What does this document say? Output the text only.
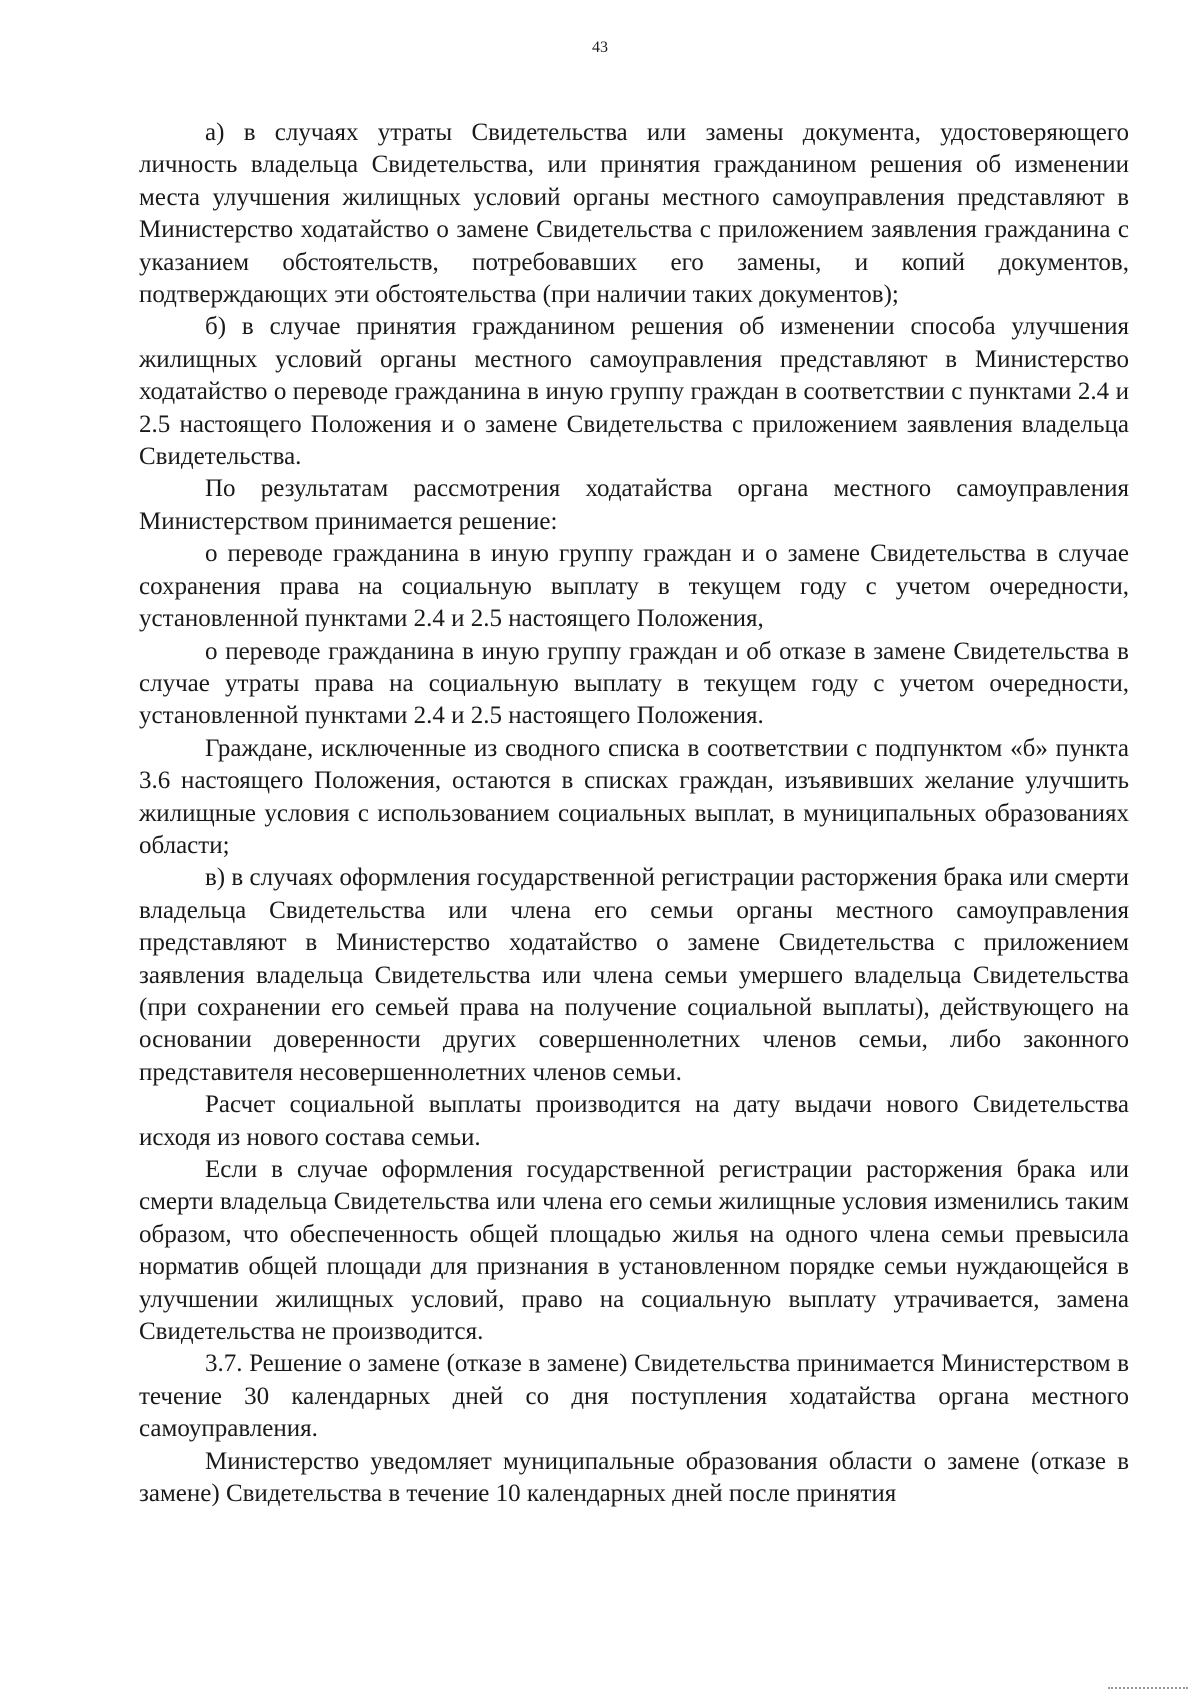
43

а) в случаях утраты Свидетельства или замены документа, удостоверяющего личность владельца Свидетельства, или принятия гражданином решения об изменении места улучшения жилищных условий органы местного самоуправления представляют в Министерство ходатайство о замене Свидетельства с приложением заявления гражданина с указанием обстоятельств, потребовавших его замены, и копий документов, подтверждающих эти обстоятельства (при наличии таких документов);

б) в случае принятия гражданином решения об изменении способа улучшения жилищных условий органы местного самоуправления представляют в Министерство ходатайство о переводе гражданина в иную группу граждан в соответствии с пунктами 2.4 и 2.5 настоящего Положения и о замене Свидетельства с приложением заявления владельца Свидетельства.

По результатам рассмотрения ходатайства органа местного самоуправления Министерством принимается решение:

о переводе гражданина в иную группу граждан и о замене Свидетельства в случае сохранения права на социальную выплату в текущем году с учетом очередности, установленной пунктами 2.4 и 2.5 настоящего Положения,

о переводе гражданина в иную группу граждан и об отказе в замене Свидетельства в случае утраты права на социальную выплату в текущем году с учетом очередности, установленной пунктами 2.4 и 2.5 настоящего Положения.

Граждане, исключенные из сводного списка в соответствии с подпунктом «б» пункта 3.6 настоящего Положения, остаются в списках граждан, изъявивших желание улучшить жилищные условия с использованием социальных выплат, в муниципальных образованиях области;

в) в случаях оформления государственной регистрации расторжения брака или смерти владельца Свидетельства или члена его семьи органы местного самоуправления представляют в Министерство ходатайство о замене Свидетельства с приложением заявления владельца Свидетельства или члена семьи умершего владельца Свидетельства (при сохранении его семьей права на получение социальной выплаты), действующего на основании доверенности других совершеннолетних членов семьи, либо законного представителя несовершеннолетних членов семьи.

Расчет социальной выплаты производится на дату выдачи нового Свидетельства исходя из нового состава семьи.

Если в случае оформления государственной регистрации расторжения брака или смерти владельца Свидетельства или члена его семьи жилищные условия изменились таким образом, что обеспеченность общей площадью жилья на одного члена семьи превысила норматив общей площади для признания в установленном порядке семьи нуждающейся в улучшении жилищных условий, право на социальную выплату утрачивается, замена Свидетельства не производится.

3.7. Решение о замене (отказе в замене) Свидетельства принимается Министерством в течение 30 календарных дней со дня поступления ходатайства органа местного самоуправления.

Министерство уведомляет муниципальные образования области о замене (отказе в замене) Свидетельства в течение 10 календарных дней после принятия
